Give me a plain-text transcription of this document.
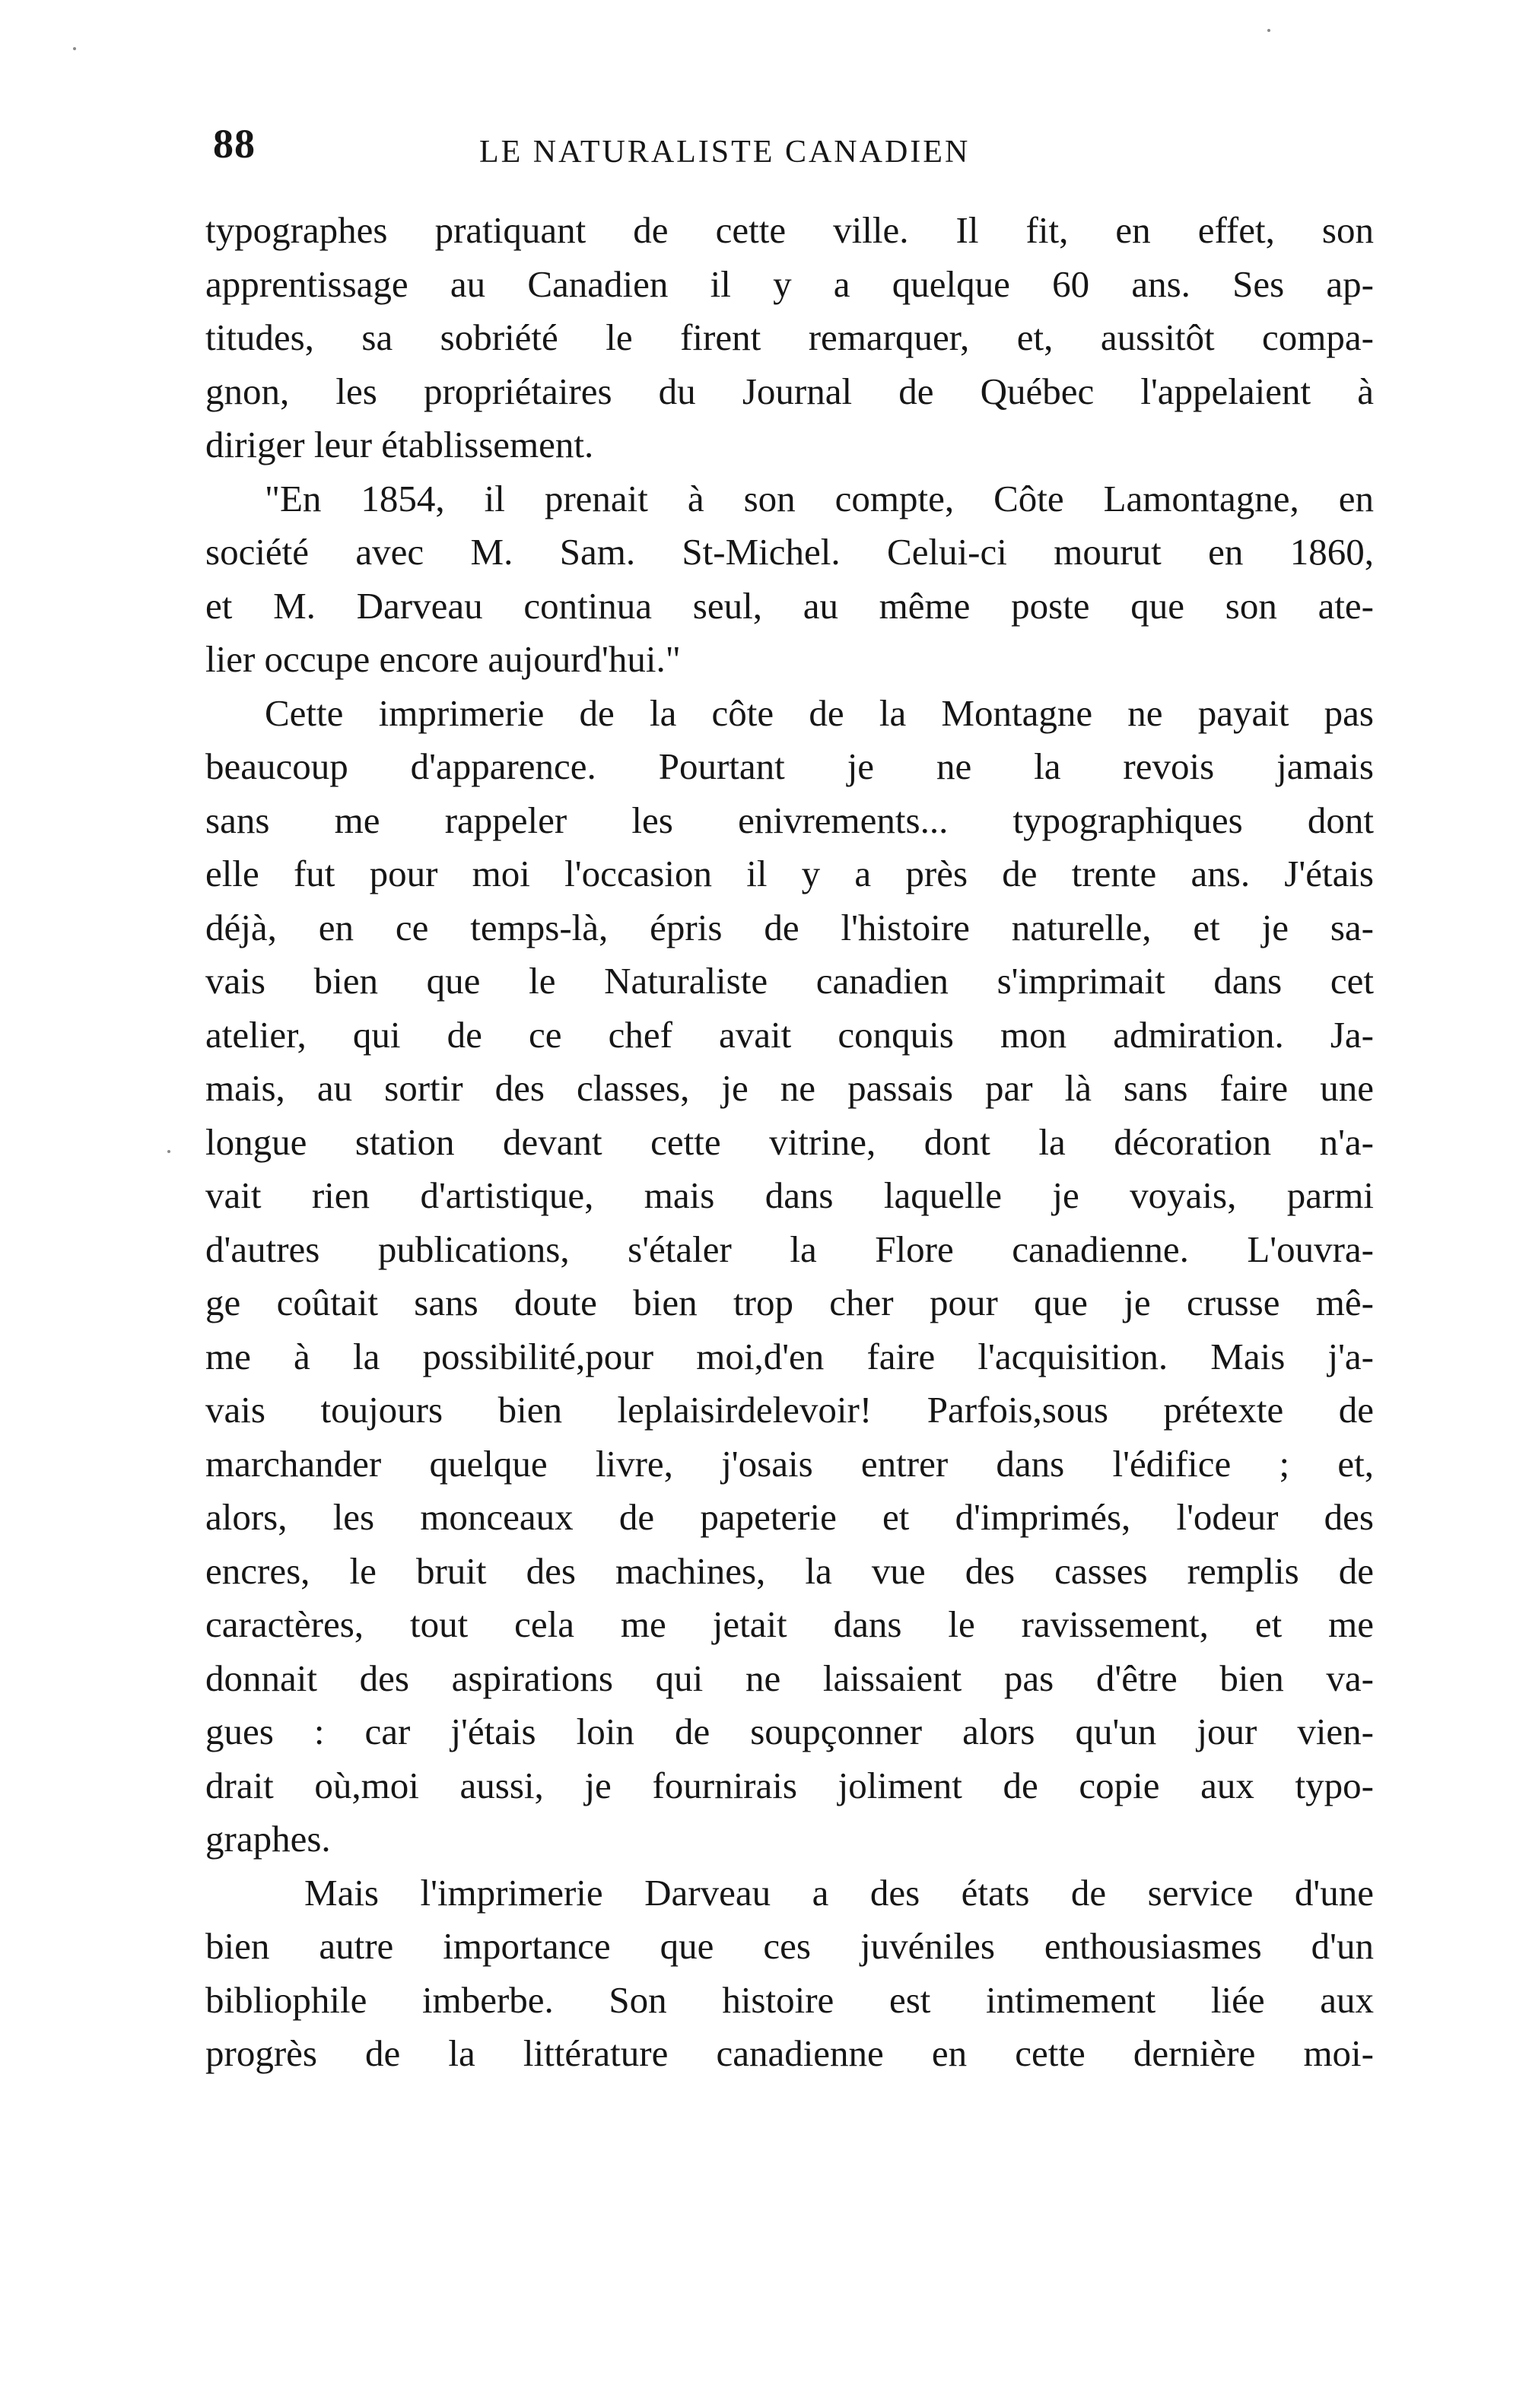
88	LE NATURALISTE CANADIEN
typographes pratiquant de cette ville. Il fit, en effet, son
apprentissage au Canadien il y a quelque 60 ans. Ses ap-
titudes, sa sobriété le firent remarquer, et, aussitôt compa-
gnon, les propriétaires du Journal de Québec l'appelaient à
diriger leur établissement.
"En 1854, il prenait à son compte, Côte Lamontagne, en
société avec M. Sam. St-Michel. Celui-ci mourut en 1860,
et M. Darveau continua seul, au même poste que son ate-
lier occupe encore aujourd'hui."
Cette imprimerie de la côte de la Montagne ne payait pas
beaucoup d'apparence. Pourtant je ne la revois jamais
sans me rappeler les enivrements... typographiques dont
elle fut pour moi l'occasion il y a près de trente ans. J'étais
déjà, en ce temps-là, épris de l'histoire naturelle, et je sa-
vais bien que le Naturaliste canadien s'imprimait dans cet
atelier, qui de ce chef avait conquis mon admiration. Ja-
mais, au sortir des classes, je ne passais par là sans faire une
longue station devant cette vitrine, dont la décoration n'a-
vait rien d'artistique, mais dans laquelle je voyais, parmi
d'autres publications, s'étaler la Flore canadienne. L'ouvra-
ge coûtait sans doute bien trop cher pour que je crusse mê-
me à la possibilité,pour moi,d'en faire l'acquisition. Mais j'a-
vais toujours bien leplaisirdelevoir! Parfois,sous prétexte de
marchander quelque livre, j'osais entrer dans l'édifice ; et,
alors, les monceaux de papeterie et d'imprimés, l'odeur des
encres, le bruit des machines, la vue des casses remplis de
caractères, tout cela me jetait dans le ravissement, et me
donnait des aspirations qui ne laissaient pas d'être bien va-
gues : car j'étais loin de soupçonner alors qu'un jour vien-
drait où,moi aussi, je fournirais joliment de copie aux typo-
graphes.
Mais l'imprimerie Darveau a des états de service d'une
bien autre importance que ces juvéniles enthousiasmes d'un
bibliophile imberbe. Son histoire est intimement liée aux
progrès de la littérature canadienne en cette dernière moi-
